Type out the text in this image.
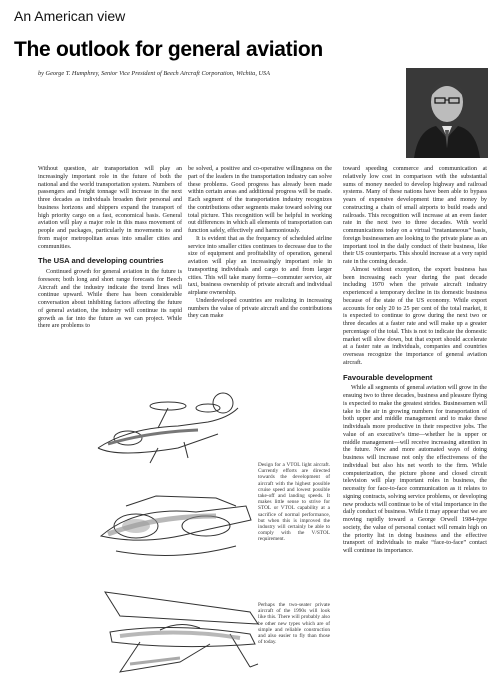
An American view
The outlook for general aviation
by George T. Humphrey, Senior Vice President of Beech Aircraft Corporation, Wichita, USA

Without question, air transportation will play an increasingly important role in the future of both the national and the world transportation system. Numbers of passengers and freight tonnage will increase in the next three decades as individuals broaden their personal and business horizons and shippers expand the transport of high priority cargo on a fast, economical basis. General aviation will play a major role in this mass movement of people and packages, particularly in movements to and from major metropolitan areas into smaller cities and communities.

The USA and developing countries

Continued growth for general aviation in the future is foreseen; both long and short range forecasts for Beech Aircraft and the industry indicate the trend lines will continue upward. While there has been considerable conversation about inhibiting factors affecting the future of general aviation, the industry will continue its rapid growth as far into the future as we can project. While there are problems to

be solved, a positive and co-operative willingness on the part of the leaders in the transportation industry can solve these problems. Good progress has already been made within certain areas and additional progress will be made. Each segment of the transportation industry recognizes the contributions other segments make toward solving our total picture. This recognition will be helpful in working out differences in which all elements of transportation can function safely, effectively and harmoniously.

It is evident that as the frequency of scheduled airline service into smaller cities continues to decrease due to the size of equipment and profitability of operation, general aviation will play an increasingly important role in transporting individuals and cargo to and from larger cities. This will take many forms—commuter service, air taxi, business ownership of private aircraft and individual airplane ownership.

Underdeveloped countries are realizing in increasing numbers the value of private aircraft and the contributions they can make

toward speeding commerce and communication at relatively low cost in comparison with the substantial sums of money needed to develop highway and railroad systems. Many of these nations have been able to bypass years of expensive development time and money by constructing a chain of small airports to build roads and railroads. This recognition will increase at an even faster rate in the next two to three decades. With world communications today on a virtual “instantaneous” basis, foreign businessmen are looking to the private plane as an important tool in the daily conduct of their business, like their US counterparts. This should increase at a very rapid rate in the coming decade.

Almost without exception, the export business has been increasing each year during the past decade including 1970 when the private aircraft industry experienced a temporary decline in its domestic business because of the state of the US economy. While export accounts for only 20 to 25 per cent of the total market, it is expected to continue to grow during the next two or three decades at a faster rate and will make up a greater percentage of the total. This is not to indicate the domestic market will slow down, but that export should accelerate at a faster rate as individuals, companies and countries overseas recognize the importance of general aviation aircraft.

Favourable development

While all segments of general aviation will grow in the ensuing two to three decades, business and pleasure flying is expected to make the greatest strides. Businessmen will take to the air in growing numbers for transportation of both upper and middle management and to make these individuals more productive in their respective jobs. The value of an executive’s time—whether he is upper or middle management—will receive increasing attention in the future. New and more automated ways of doing business will increase not only the effectiveness of the individual but also his net worth to the firm. While computerization, the picture phone and closed circuit television will play important roles in business, the necessity for face-to-face communication as it relates to signing contracts, solving service problems, or developing new products will continue to be of vital importance in the daily conduct of business. While it may appear that we are moving rapidly toward a George Orwell 1984-type society, the value of personal contact will remain high on the priority list in doing business and the effective transport of individuals to make “face-to-face” contact will continue its importance.

Design for a VTOL light aircraft. Currently efforts are directed towards the development of aircraft with the highest possible cruise speed and lowest possible take-off and landing speeds. It makes little sense to strive for STOL or VTOL capability at a sacrifice of normal performance, but when this is improved the industry will certainly be able to comply with the V/STOL requirement.
Perhaps the two-seater private aircraft of the 1990s will look like this. There will probably also be other new types which are of simple and reliable construction and also easier to fly than those of today.
